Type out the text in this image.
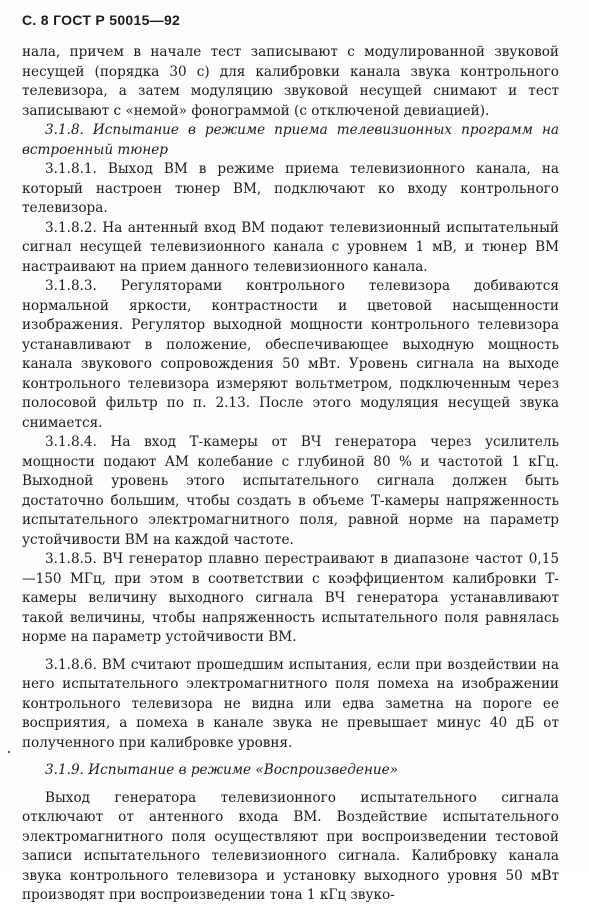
С. 8 ГОСТ Р 50015—92

нала, причем в начале тест записывают с модулированной звуковой несущей (порядка 30 с) для калибровки канала звука контрольного телевизора, а затем модуляцию звуковой несущей снимают и тест записывают с «немой» фонограммой (с отключеной девиацией).

3.1.8. Испытание в режиме приема телевизионных программ на встроенный тюнер

3.1.8.1. Выход ВМ в режиме приема телевизионного канала, на который настроен тюнер ВМ, подключают ко входу контрольного телевизора.

3.1.8.2. На антенный вход ВМ подают телевизионный испытательный сигнал несущей телевизионного канала с уровнем 1 мВ, и тюнер ВМ настраивают на прием данного телевизионного канала.

3.1.8.3. Регуляторами контрольного телевизора добиваются нормальной яркости, контрастности и цветовой насыщенности изображения. Регулятор выходной мощности контрольного телевизора устанавливают в положение, обеспечивающее выходную мощность канала звукового сопровождения 50 мВт. Уровень сигнала на выходе контрольного телевизора измеряют вольтметром, подключенным через полосовой фильтр по п. 2.13. После этого модуляция несущей звука снимается.

3.1.8.4. На вход Т-камеры от ВЧ генератора через усилитель мощности подают АМ колебание с глубиной 80 % и частотой 1 кГц. Выходной уровень этого испытательного сигнала должен быть достаточно большим, чтобы создать в объеме Т-камеры напряженность испытательного электромагнитного поля, равной норме на параметр устойчивости ВМ на каждой частоте.

3.1.8.5. ВЧ генератор плавно перестраивают в диапазоне частот 0,15—150 МГц, при этом в соответствии с коэффициентом калибровки Т-камеры величину выходного сигнала ВЧ генератора устанавливают такой величины, чтобы напряженность испытательного поля равнялась норме на параметр устойчивости ВМ.

3.1.8.6. ВМ считают прошедшим испытания, если при воздействии на него испытательного электромагнитного поля помеха на изображении контрольного телевизора не видна или едва заметна на пороге ее восприятия, а помеха в канале звука не превышает минус 40 дБ от полученного при калибровке уровня.

3.1.9. Испытание в режиме «Воспроизведение»

Выход генератора телевизионного испытательного сигнала отключают от антенного входа ВМ. Воздействие испытательного электромагнитного поля осуществляют при воспроизведении тестовой записи испытательного телевизионного сигнала. Калибровку канала звука контрольного телевизора и установку выходного уровня 50 мВт производят при воспроизведении тона 1 кГц звуко-
